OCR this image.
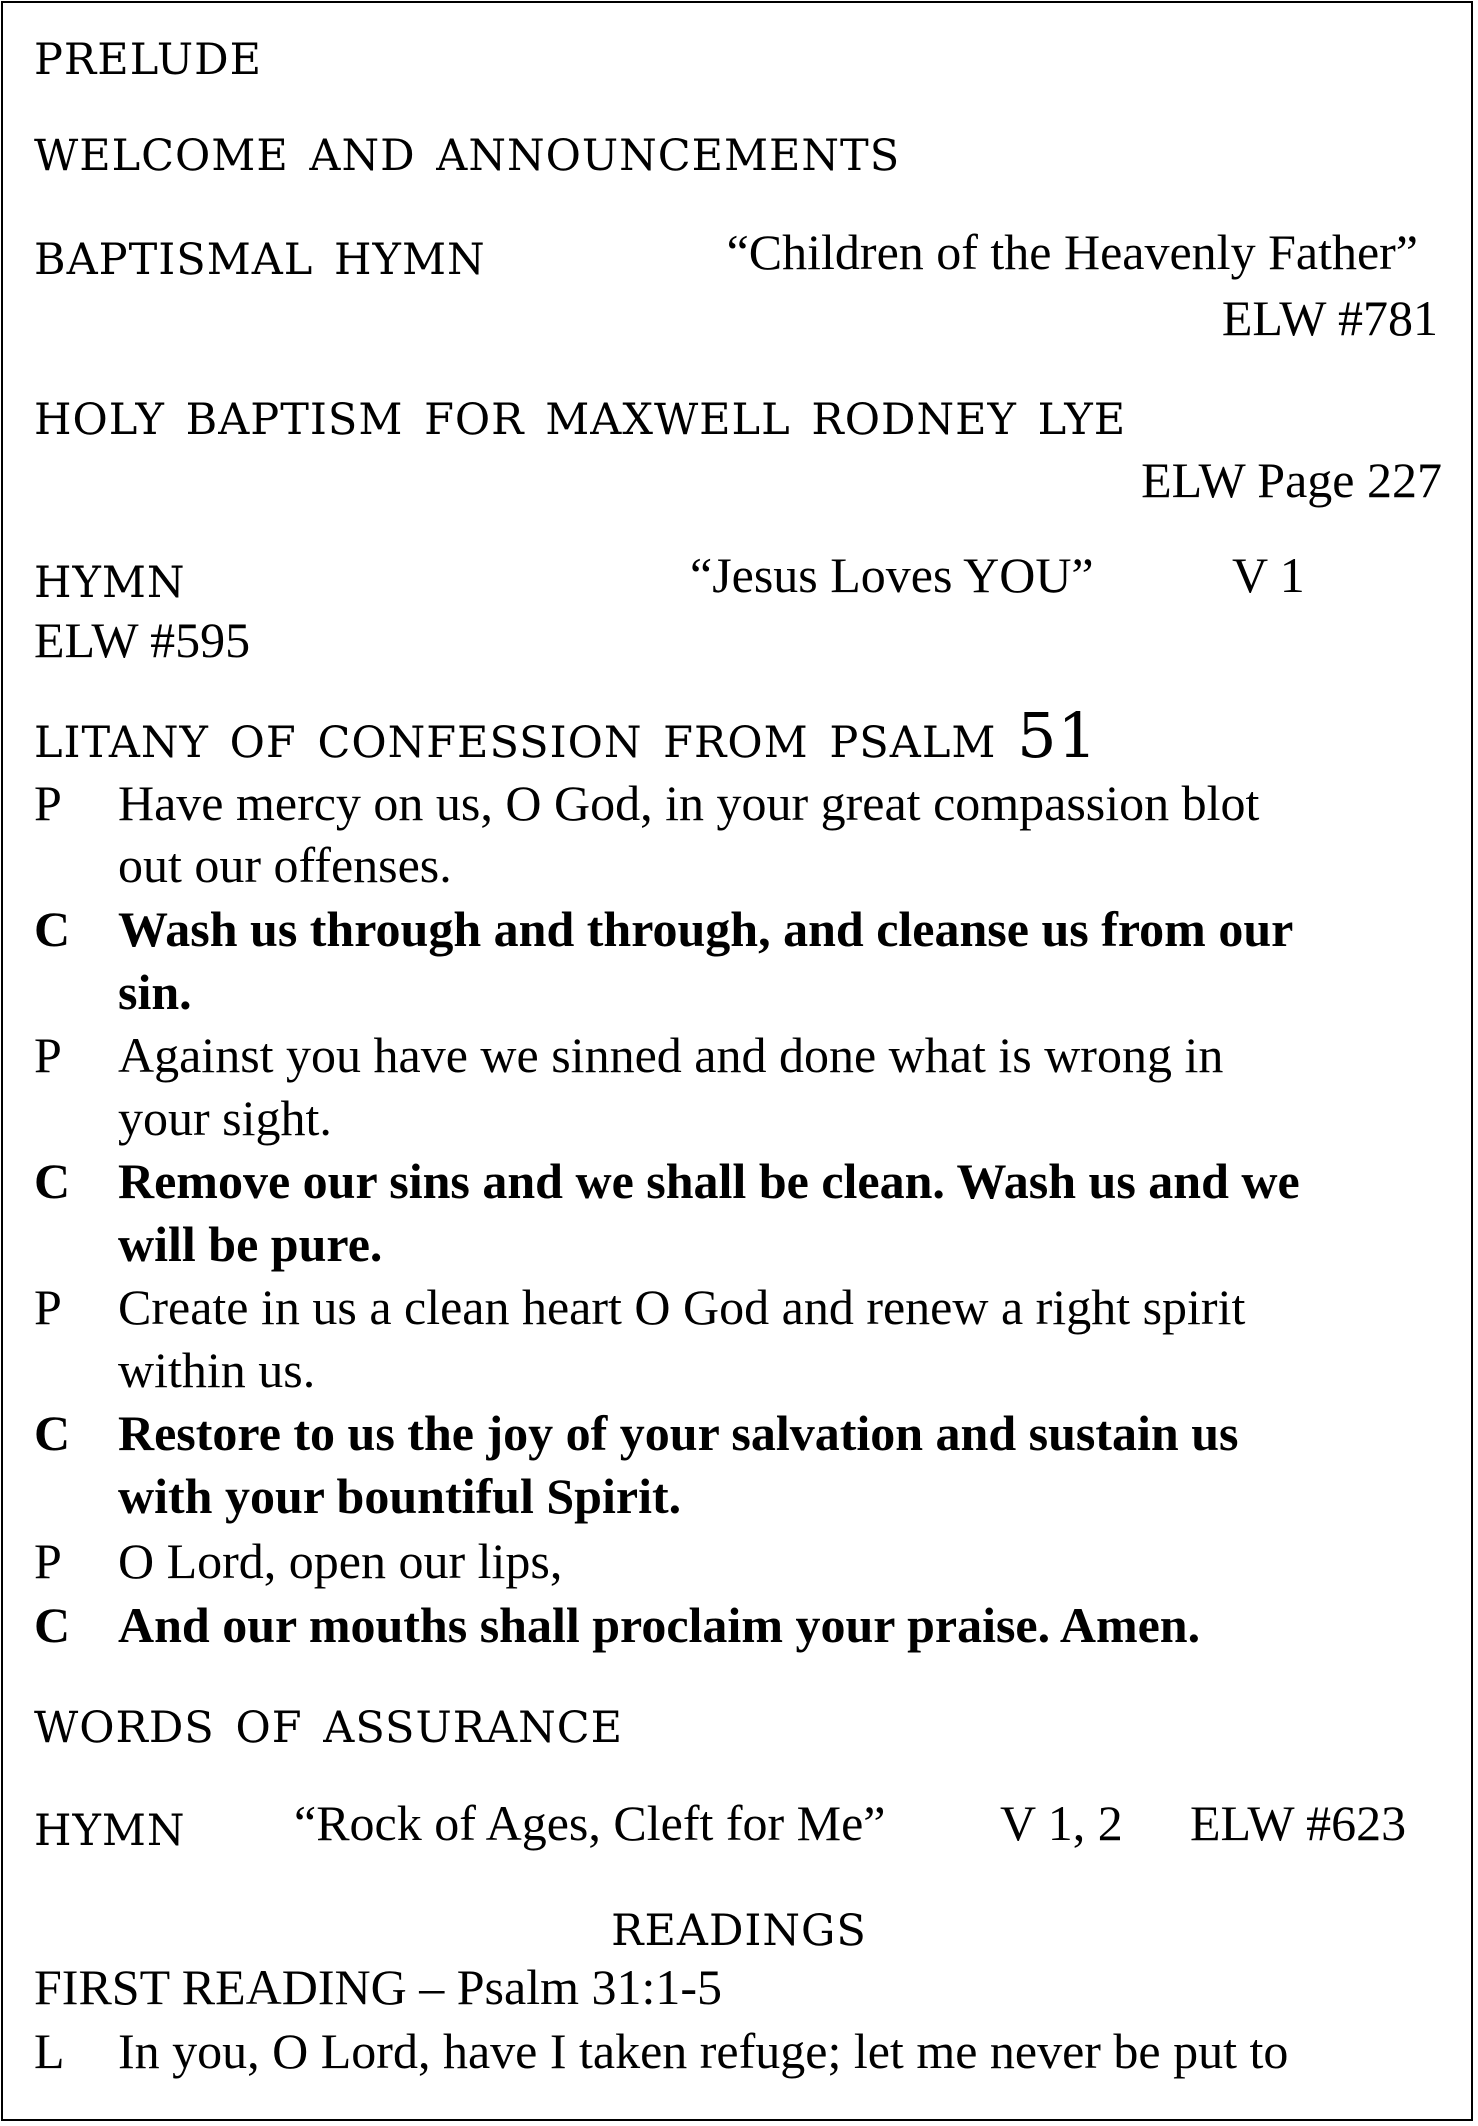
prelude
welcome and announcements
baptismal hymn	“Children of the Heavenly Father”
ELW #781
holy baptism for maxwell rodney lye
ELW Page 227
hymn	“Jesus Loves YOU”	V 1
ELW #595
litany of confession from psalm 51
P	Have mercy on us, O God, in your great compassion blot
out our offenses.
C Wash us through and through, and cleanse us from our
sin.
P	Against you have we sinned and done what is wrong in
your sight.
C Remove our sins and we shall be clean. Wash us and we
will be pure.
P	Create in us a clean heart O God and renew a right spirit
within us.
C Restore to us the joy of your salvation and sustain us
with your bountiful Spirit.
P	O Lord, open our lips,
C And our mouths shall proclaim your praise. Amen.
words of assurance
hymn “Rock of Ages, Cleft for Me” V 1, 2 ELW #623
readings
FIRST READING – Psalm 31:1-5
L	In you, O Lord, have I taken refuge; let me never be put to
